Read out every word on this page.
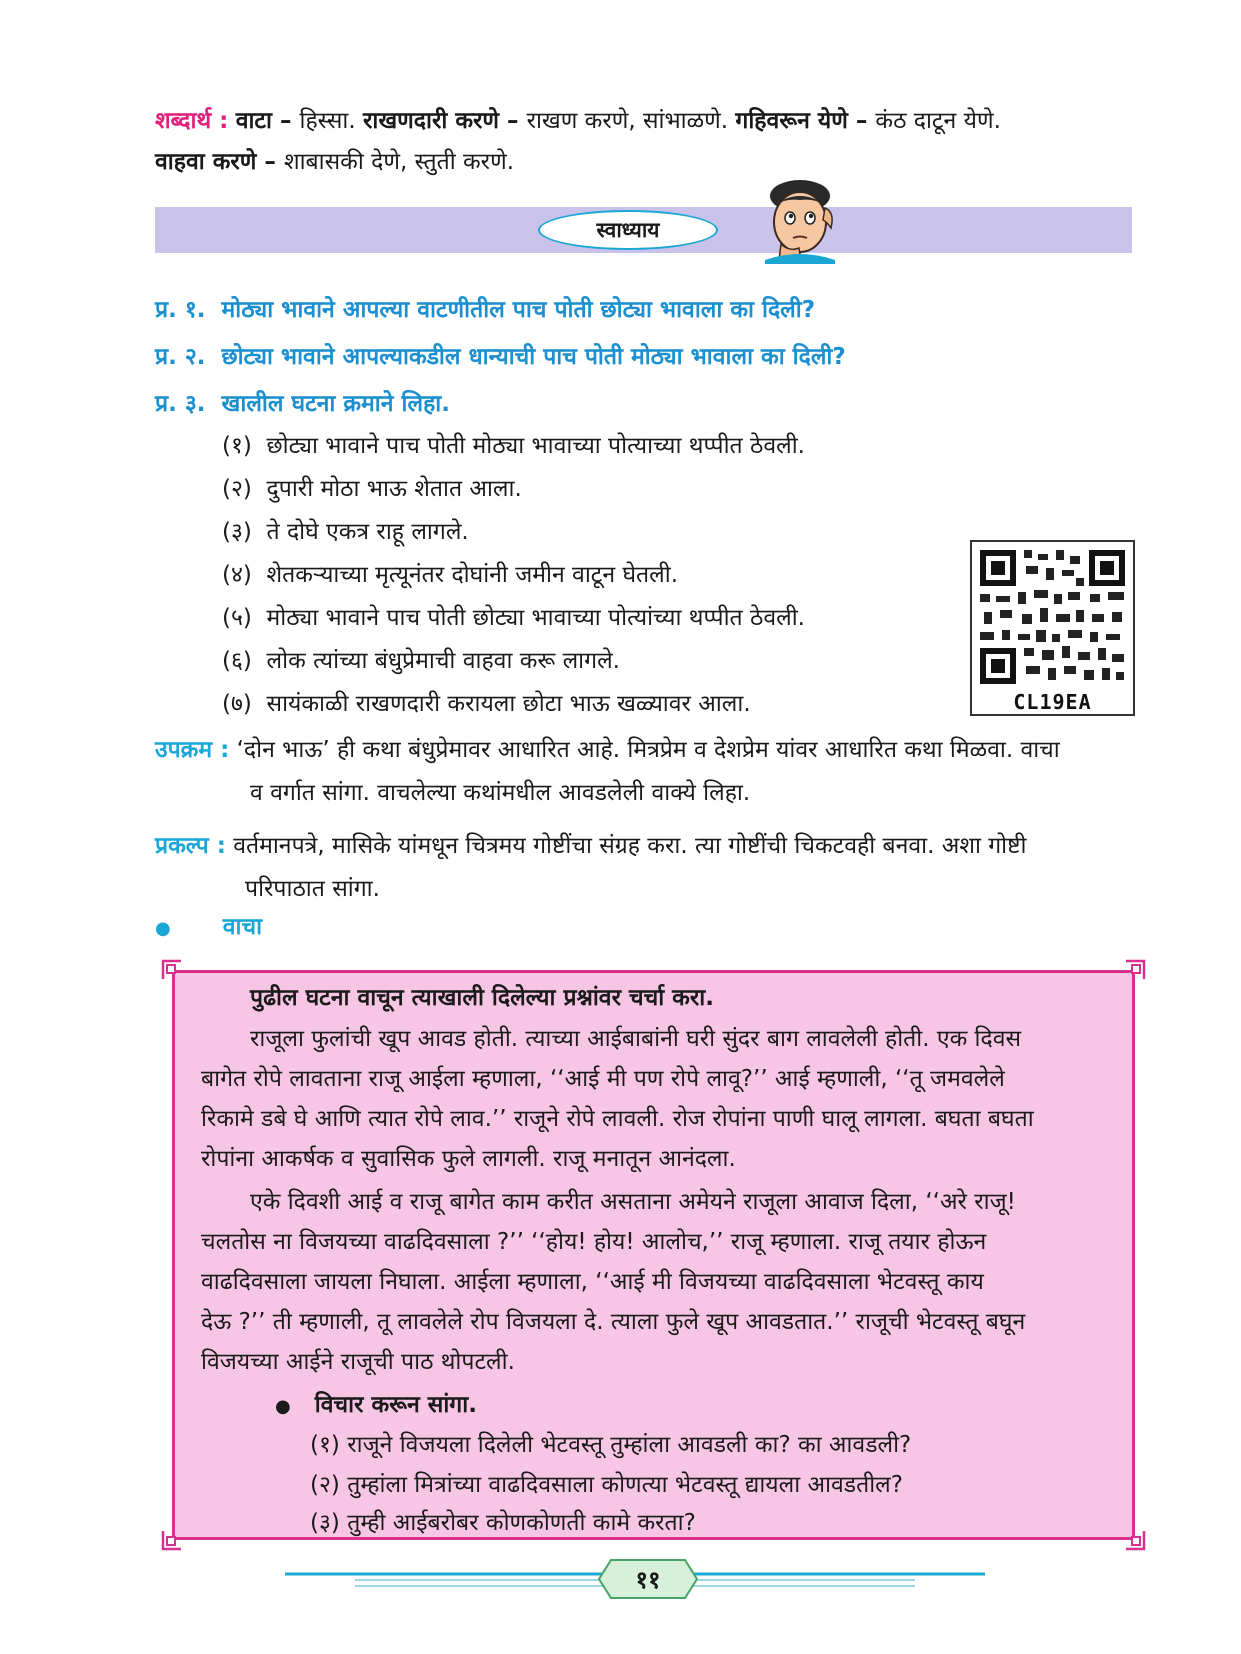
शब्दार्थ : वाटा – हिस्सा. राखणदारी करणे – राखण करणे, सांभाळणे. गहिवरून येणे – कंठ दाटून येणे.
वाहवा करणे – शाबासकी देणे, स्तुती करणे.
स्वाध्याय
प्र. १. मोठ्या भावाने आपल्या वाटणीतील पाच पोती छोट्या भावाला का दिली?
प्र. २. छोट्या भावाने आपल्याकडील धान्याची पाच पोती मोठ्या भावाला का दिली?
प्र. ३. खालील घटना क्रमाने लिहा.
(१) छोट्या भावाने पाच पोती मोठ्या भावाच्या पोत्याच्या थप्पीत ठेवली.
(२) दुपारी मोठा भाऊ शेतात आला.
(३) ते दोघे एकत्र राहू लागले.
(४) शेतकऱ्याच्या मृत्यूनंतर दोघांनी जमीन वाटून घेतली.
(५) मोठ्या भावाने पाच पोती छोट्या भावाच्या पोत्यांच्या थप्पीत ठेवली.
(६) लोक त्यांच्या बंधुप्रेमाची वाहवा करू लागले.
(७) सायंकाळी राखणदारी करायला छोटा भाऊ खळ्यावर आला.	CL19EA
उपक्रम : ‘दोन भाऊ’ ही कथा बंधुप्रेमावर आधारित आहे. मित्रप्रेम व देशप्रेम यांवर आधारित कथा मिळवा. वाचा
व वर्गात सांगा. वाचलेल्या कथांमधील आवडलेली वाक्ये लिहा.
प्रकल्प : वर्तमानपत्रे, मासिके यांमधून चित्रमय गोष्टींचा संग्रह करा. त्या गोष्टींची चिकटवही बनवा. अशा गोष्टी
परिपाठात सांगा.
● वाचा
पुढील घटना वाचून त्याखाली दिलेल्या प्रश्नांवर चर्चा करा.
राजूला फुलांची खूप आवड होती. त्याच्या आईबाबांनी घरी सुंदर बाग लावलेली होती. एक दिवस
बागेत रोपे लावताना राजू आईला म्हणाला, ‘‘आई मी पण रोपे लावू?’’ आई म्हणाली, ‘‘तू जमवलेले
रिकामे डबे घे आणि त्यात रोपे लाव.’’ राजूने रोपे लावली. रोज रोपांना पाणी घालू लागला. बघता बघता
रोपांना आकर्षक व सुवासिक फुले लागली. राजू मनातून आनंदला.
एके दिवशी आई व राजू बागेत काम करीत असताना अमेयने राजूला आवाज दिला, ‘‘अरे राजू!
चलतोस ना विजयच्या वाढदिवसाला ?’’ ‘‘होय! होय! आलोच,’’ राजू म्हणाला. राजू तयार होऊन
वाढदिवसाला जायला निघाला. आईला म्हणाला, ‘‘आई मी विजयच्या वाढदिवसाला भेटवस्तू काय
देऊ ?’’ ती म्हणाली, तू लावलेले रोप विजयला दे. त्याला फुले खूप आवडतात.’’ राजूची भेटवस्तू बघून
विजयच्या आईने राजूची पाठ थोपटली.
● विचार करून सांगा.
(१) राजूने विजयला दिलेली भेटवस्तू तुम्हांला आवडली का? का आवडली?
(२) तुम्हांला मित्रांच्या वाढदिवसाला कोणत्या भेटवस्तू द्यायला आवडतील?
(३) तुम्ही आईबरोबर कोणकोणती कामे करता?
११
